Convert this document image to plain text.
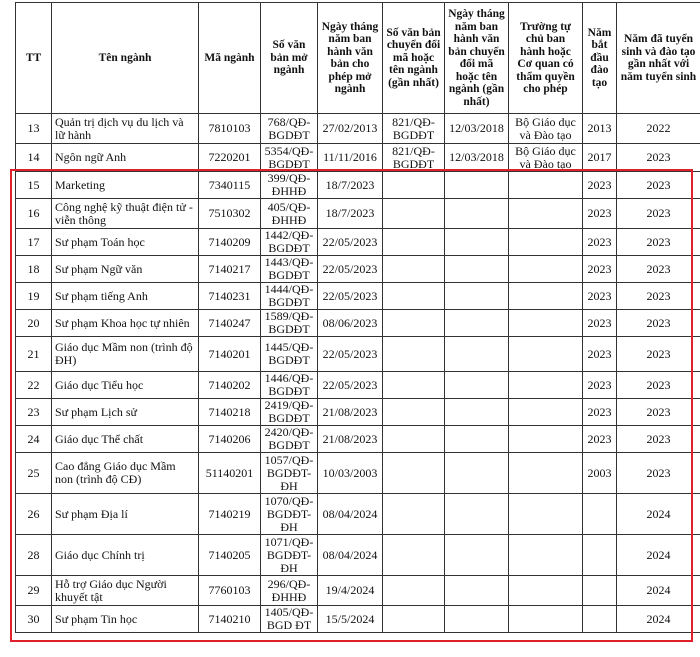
TT	Tên ngành	Mã ngành	Số văn bản mở ngành	Ngày tháng năm ban hành văn bản cho phép mở ngành	Số văn bản chuyển đổi mã hoặc tên ngành (gần nhất)	Ngày tháng năm ban hành văn bản chuyển đổi mã hoặc tên ngành (gần nhất)	Trường tự chủ ban hành hoặc Cơ quan có thẩm quyền cho phép	Năm bắt đầu đào tạo	Năm đã tuyển sinh và đào tạo gần nhất với năm tuyển sinh
13	Quản trị dịch vụ du lịch và lữ hành	7810103	768/QĐ-BGDĐT	27/02/2013	821/QĐ-BGDĐT	12/03/2018	Bộ Giáo dục và Đào tạo	2013	2022
14	Ngôn ngữ Anh	7220201	5354/QĐ-BGDĐT	11/11/2016	821/QĐ-BGDĐT	12/03/2018	Bộ Giáo dục và Đào tạo	2017	2023
15	Marketing	7340115	399/QĐ-ĐHHĐ	18/7/2023				2023	2023
16	Công nghệ kỹ thuật điện tử - viễn thông	7510302	405/QĐ-ĐHHĐ	18/7/2023				2023	2023
17	Sư phạm Toán học	7140209	1442/QĐ-BGDĐT	22/05/2023				2023	2023
18	Sư phạm Ngữ văn	7140217	1443/QĐ-BGDĐT	22/05/2023				2023	2023
19	Sư phạm tiếng Anh	7140231	1444/QĐ-BGDĐT	22/05/2023				2023	2023
20	Sư phạm Khoa học tự nhiên	7140247	1589/QĐ-BGDĐT	08/06/2023				2023	2023
21	Giáo dục Mầm non (trình độ ĐH)	7140201	1445/QĐ-BGDĐT	22/05/2023				2023	2023
22	Giáo dục Tiểu học	7140202	1446/QĐ-BGDĐT	22/05/2023				2023	2023
23	Sư phạm Lịch sử	7140218	2419/QĐ-BGDĐT	21/08/2023				2023	2023
24	Giáo dục Thể chất	7140206	2420/QĐ-BGDĐT	21/08/2023				2023	2023
25	Cao đẳng Giáo dục Mầm non (trình độ CĐ)	51140201	1057/QĐ-BGDĐT-ĐH	10/03/2003				2003	2023
26	Sư phạm Địa lí	7140219	1070/QĐ-BGDĐT-ĐH	08/04/2024					2024
28	Giáo dục Chính trị	7140205	1071/QĐ-BGDĐT-ĐH	08/04/2024					2024
29	Hỗ trợ Giáo dục Người khuyết tật	7760103	296/QĐ-ĐHHĐ	19/4/2024					2024
30	Sư phạm Tin học	7140210	1405/QĐ-BGD ĐT	15/5/2024					2024
